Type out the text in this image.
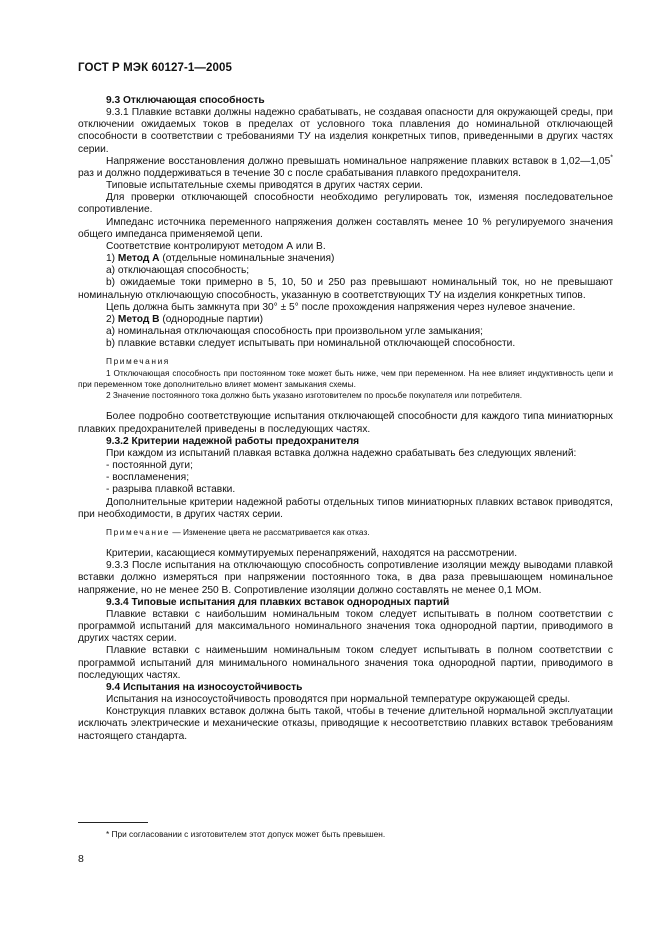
ГОСТ Р МЭК 60127-1—2005

9.3 Отключающая способность

9.3.1 Плавкие вставки должны надежно срабатывать, не создавая опасности для окружающей среды, при отключении ожидаемых токов в пределах от условного тока плавления до номинальной отключающей способности в соответствии с требованиями ТУ на изделия конкретных типов, приведенными в других частях серии.

Напряжение восстановления должно превышать номинальное напряжение плавких вставок в 1,02—1,05* раз и должно поддерживаться в течение 30 с после срабатывания плавкого предохранителя.

Типовые испытательные схемы приводятся в других частях серии.

Для проверки отключающей способности необходимо регулировать ток, изменяя последовательное сопротивление.

Импеданс источника переменного напряжения должен составлять менее 10 % регулируемого значения общего импеданса применяемой цепи.

Соответствие контролируют методом А или В.

1) Метод А (отдельные номинальные значения)

а) отключающая способность;

b) ожидаемые токи примерно в 5, 10, 50 и 250 раз превышают номинальный ток, но не превышают номинальную отключающую способность, указанную в соответствующих ТУ на изделия конкретных типов.

Цепь должна быть замкнута при 30° ± 5° после прохождения напряжения через нулевое значение.

2) Метод В (однородные партии)

а) номинальная отключающая способность при произвольном угле замыкания;

b) плавкие вставки следует испытывать при номинальной отключающей способности.

Примечания

1 Отключающая способность при постоянном токе может быть ниже, чем при переменном. На нее влияет индуктивность цепи и при переменном токе дополнительно влияет момент замыкания схемы.

2 Значение постоянного тока должно быть указано изготовителем по просьбе покупателя или потребителя.

Более подробно соответствующие испытания отключающей способности для каждого типа миниатюрных плавких предохранителей приведены в последующих частях.

9.3.2 Критерии надежной работы предохранителя

При каждом из испытаний плавкая вставка должна надежно срабатывать без следующих явлений:

- постоянной дуги;

- воспламенения;

- разрыва плавкой вставки.

Дополнительные критерии надежной работы отдельных типов миниатюрных плавких вставок приводятся, при необходимости, в других частях серии.

Примечание — Изменение цвета не рассматривается как отказ.

Критерии, касающиеся коммутируемых перенапряжений, находятся на рассмотрении.

9.3.3 После испытания на отключающую способность сопротивление изоляции между выводами плавкой вставки должно измеряться при напряжении постоянного тока, в два раза превышающем номинальное напряжение, но не менее 250 В. Сопротивление изоляции должно составлять не менее 0,1 МОм.

9.3.4 Типовые испытания для плавких вставок однородных партий

Плавкие вставки с наибольшим номинальным током следует испытывать в полном соответствии с программой испытаний для максимального номинального значения тока однородной партии, приводимого в других частях серии.

Плавкие вставки с наименьшим номинальным током следует испытывать в полном соответствии с программой испытаний для минимального номинального значения тока однородной партии, приводимого в последующих частях.

9.4 Испытания на износоустойчивость

Испытания на износоустойчивость проводятся при нормальной температуре окружающей среды.

Конструкция плавких вставок должна быть такой, чтобы в течение длительной нормальной эксплуатации исключать электрические и механические отказы, приводящие к несоответствию плавких вставок требованиям настоящего стандарта.

* При согласовании с изготовителем этот допуск может быть превышен.
8
